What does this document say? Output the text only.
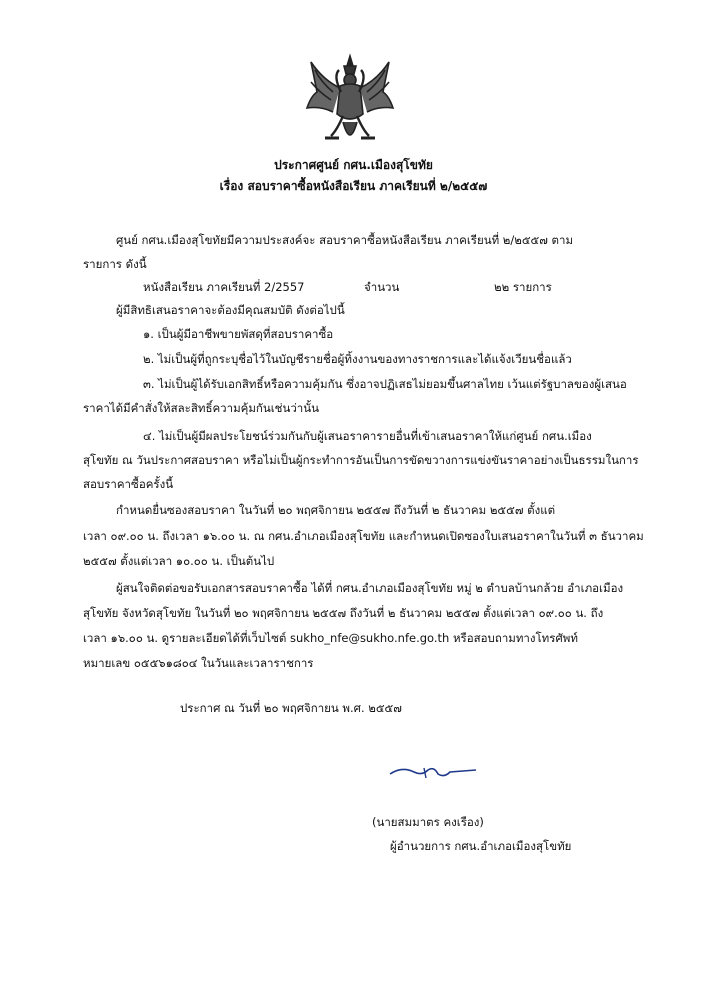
ประกาศศูนย์ กศน.เมืองสุโขทัย
เรื่อง สอบราคาซื้อหนังสือเรียน ภาคเรียนที่ ๒/๒๕๕๗
ศูนย์ กศน.เมืองสุโขทัยมีความประสงค์จะ สอบราคาซื้อหนังสือเรียน ภาคเรียนที่ ๒/๒๕๕๗ ตาม
รายการ ดังนี้
หนังสือเรียน ภาคเรียนที่ 2/2557	จำนวน	๒๒ รายการ
ผู้มีสิทธิเสนอราคาจะต้องมีคุณสมบัติ ดังต่อไปนี้
๑. เป็นผู้มีอาชีพขายพัสดุที่สอบราคาซื้อ
๒. ไม่เป็นผู้ที่ถูกระบุชื่อไว้ในบัญชีรายชื่อผู้ทิ้งงานของทางราชการและได้แจ้งเวียนชื่อแล้ว
๓. ไม่เป็นผู้ได้รับเอกสิทธิ์หรือความคุ้มกัน ซึ่งอาจปฏิเสธไม่ยอมขึ้นศาลไทย เว้นแต่รัฐบาลของผู้เสนอ
ราคาได้มีคำสั่งให้สละสิทธิ์ความคุ้มกันเช่นว่านั้น
๔. ไม่เป็นผู้มีผลประโยชน์ร่วมกันกับผู้เสนอราคารายอื่นที่เข้าเสนอราคาให้แก่ศูนย์ กศน.เมือง
สุโขทัย ณ วันประกาศสอบราคา หรือไม่เป็นผู้กระทำการอันเป็นการขัดขวางการแข่งขันราคาอย่างเป็นธรรมในการ
สอบราคาซื้อครั้งนี้
กำหนดยื่นซองสอบราคา ในวันที่ ๒๐ พฤศจิกายน ๒๕๕๗ ถึงวันที่ ๒ ธันวาคม ๒๕๕๗ ตั้งแต่
เวลา ๐๙.๐๐ น. ถึงเวลา ๑๖.๐๐ น. ณ กศน.อำเภอเมืองสุโขทัย และกำหนดเปิดซองใบเสนอราคาในวันที่ ๓ ธันวาคม
๒๕๕๗ ตั้งแต่เวลา ๑๐.๐๐ น. เป็นต้นไป
ผู้สนใจติดต่อขอรับเอกสารสอบราคาซื้อ ได้ที่ กศน.อำเภอเมืองสุโขทัย หมู่ ๒ ตำบลบ้านกล้วย อำเภอเมือง
สุโขทัย จังหวัดสุโขทัย ในวันที่ ๒๐ พฤศจิกายน ๒๕๕๗ ถึงวันที่ ๒ ธันวาคม ๒๕๕๗ ตั้งแต่เวลา ๐๙.๐๐ น. ถึง
เวลา ๑๖.๐๐ น. ดูรายละเอียดได้ที่เว็บไซต์ sukho_nfe@sukho.nfe.go.th หรือสอบถามทางโทรศัพท์
หมายเลข ๐๕๕๖๑๘๐๔ ในวันและเวลาราชการ
ประกาศ ณ วันที่ ๒๐ พฤศจิกายน พ.ศ. ๒๕๕๗
(นายสมมาตร คงเรือง)
ผู้อำนวยการ กศน.อำเภอเมืองสุโขทัย
